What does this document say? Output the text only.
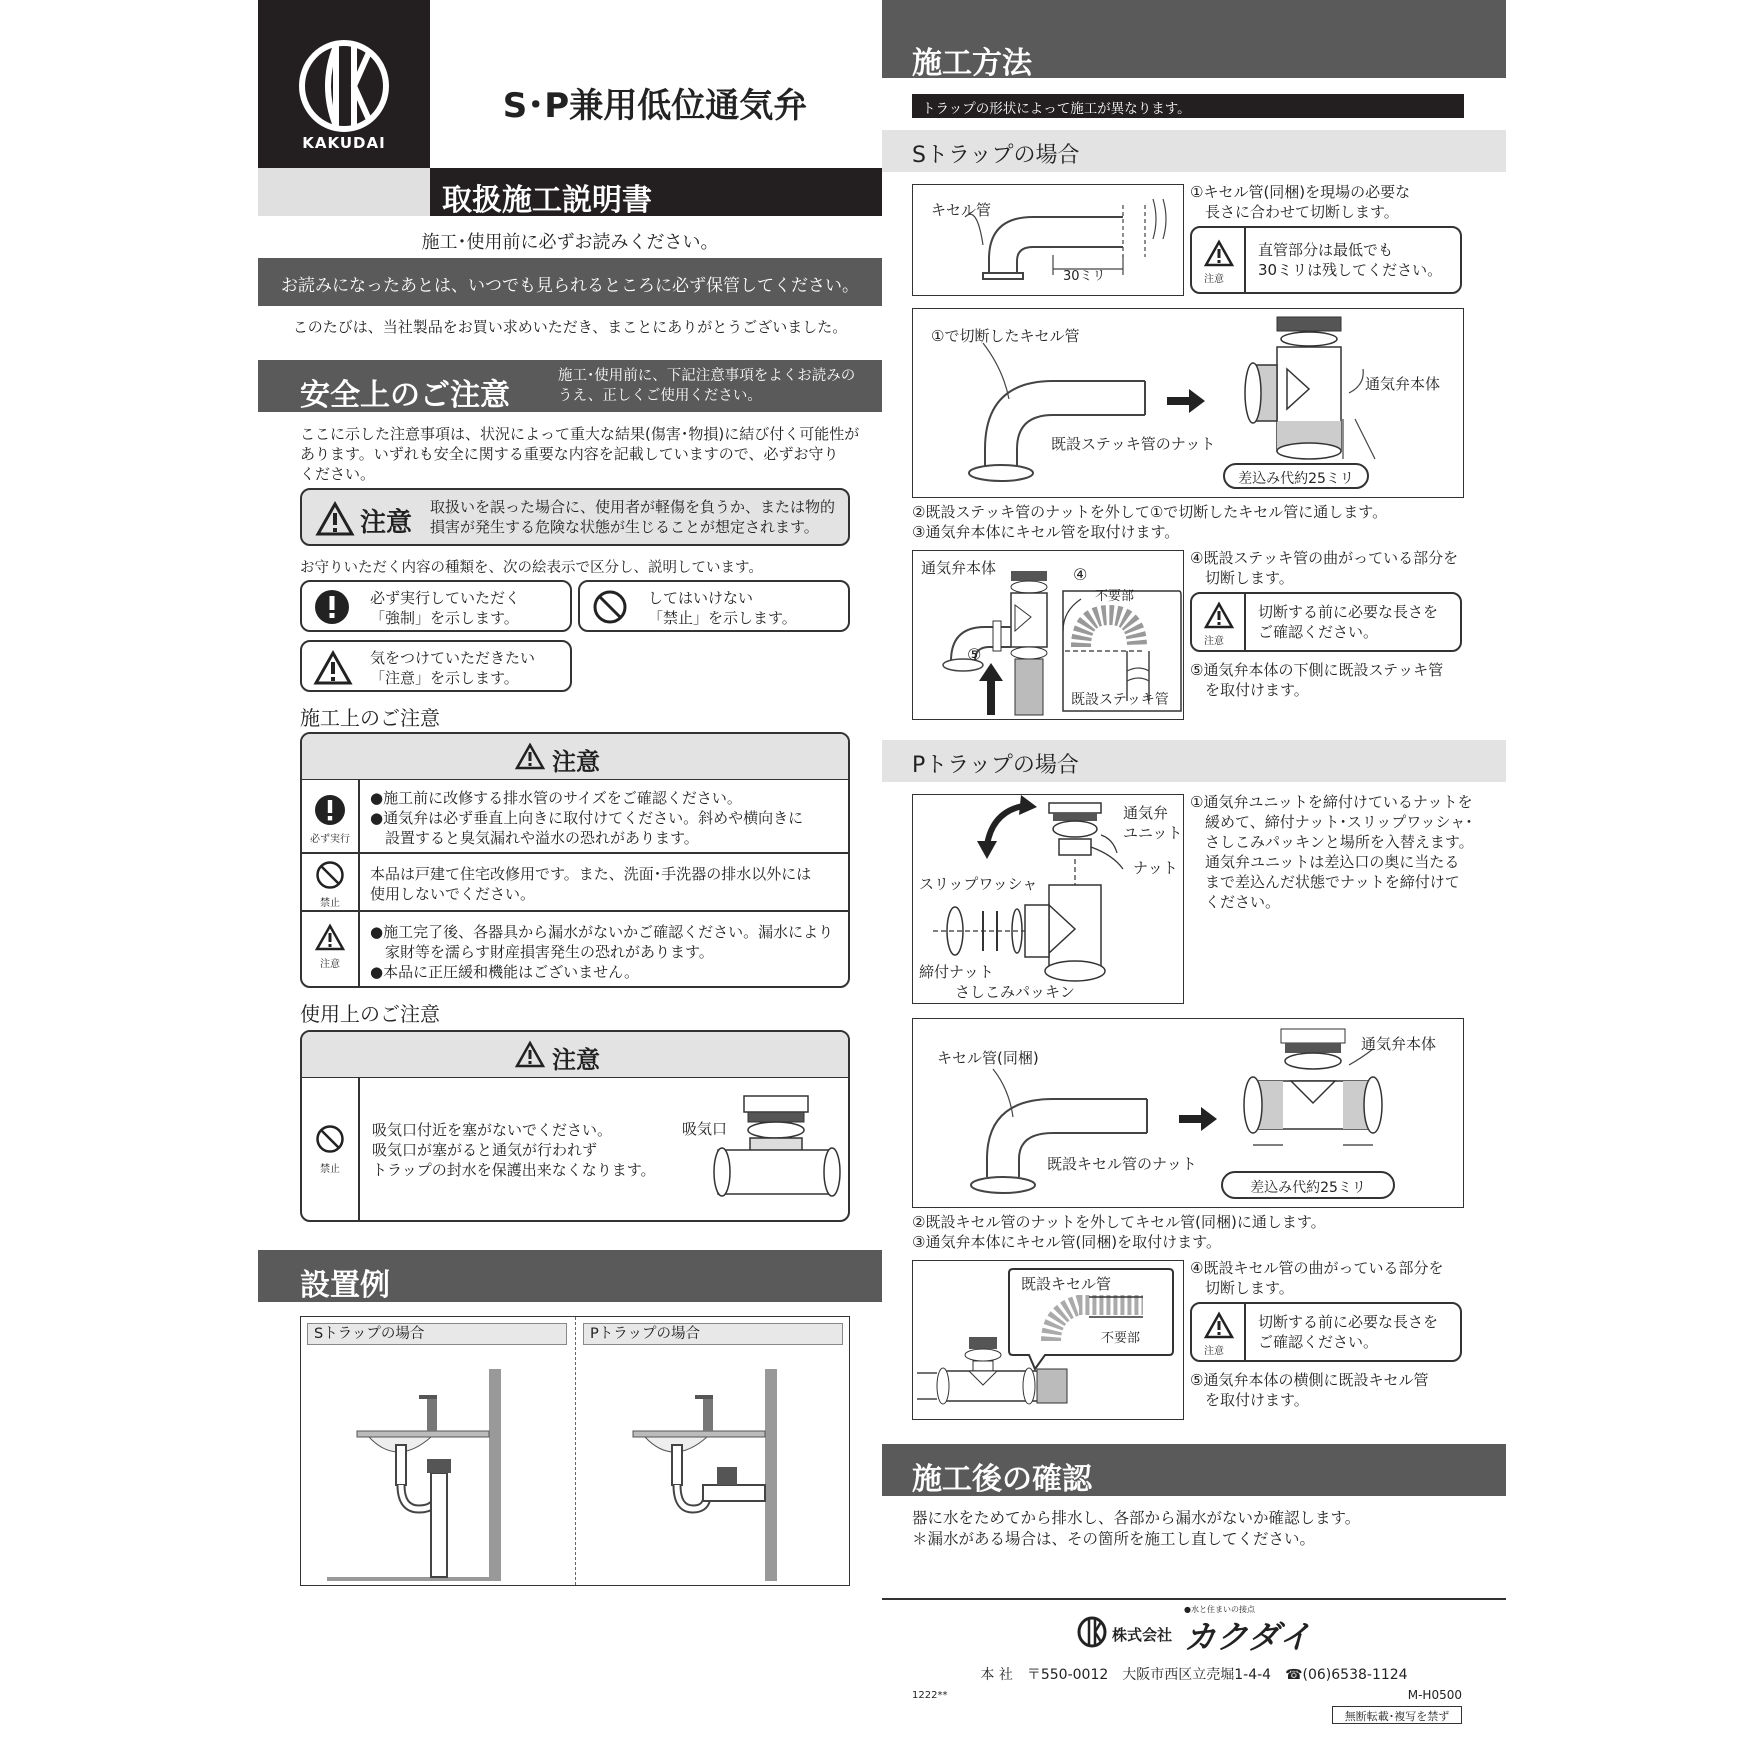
KAKUDAI
S･P兼用低位通気弁
取扱施工説明書
施工･使用前に必ずお読みください。
お読みになったあとは、いつでも見られるところに必ず保管してください。
このたびは、当社製品をお買い求めいただき、まことにありがとうございました。
安全上のご注意
施工･使用前に、下記注意事項をよくお読みの
うえ、正しくご使用ください。
ここに示した注意事項は、状況によって重大な結果(傷害･物損)に結び付く可能性が
あります。いずれも安全に関する重要な内容を記載していますので、必ずお守り
ください。
注意
取扱いを誤った場合に、使用者が軽傷を負うか、または物的
損害が発生する危険な状態が生じることが想定されます。
お守りいただく内容の種類を、次の絵表示で区分し、説明しています。
必ず実行していただく
「強制」を示します。
してはいけない
「禁止」を示します。
気をつけていただきたい
「注意」を示します。
施工上のご注意
注意
必ず実行
●施工前に改修する排水管のサイズをご確認ください。
●通気弁は必ず垂直上向きに取付けてください。斜めや横向きに
　設置すると臭気漏れや溢水の恐れがあります。
禁止
本品は戸建て住宅改修用です。また、洗面･手洗器の排水以外には
使用しないでください。
注意
●施工完了後、各器具から漏水がないかご確認ください。漏水により
　家財等を濡らす財産損害発生の恐れがあります。
●本品に正圧緩和機能はございません。
使用上のご注意
注意
禁止
吸気口付近を塞がないでください。
吸気口が塞がると通気が行われず
トラップの封水を保護出来なくなります。
吸気口
設置例
Sトラップの場合	Pトラップの場合
施工方法
トラップの形状によって施工が異なります。
Sトラップの場合
キセル管
30ミリ
①キセル管(同梱)を現場の必要な
　長さに合わせて切断します。
注意
直管部分は最低でも
30ミリは残してください。
①で切断したキセル管
通気弁本体
既設ステッキ管のナット
差込み代約25ミリ
②既設ステッキ管のナットを外して①で切断したキセル管に通します。
③通気弁本体にキセル管を取付けます。
通気弁本体	④
不要部
⑤
既設ステッキ管
④既設ステッキ管の曲がっている部分を
　切断します。
注意
切断する前に必要な長さを
ご確認ください。
⑤通気弁本体の下側に既設ステッキ管
　を取付けます。
Pトラップの場合
通気弁
ユニット
ナット
スリップワッシャ
締付ナット
さしこみパッキン
①通気弁ユニットを締付けているナットを
　緩めて、締付ナット･スリップワッシャ･
　さしこみパッキンと場所を入替えます。
　通気弁ユニットは差込口の奥に当たる
　まで差込んだ状態でナットを締付けて
　ください。
キセル管(同梱)
通気弁本体
既設キセル管のナット
差込み代約25ミリ
②既設キセル管のナットを外してキセル管(同梱)に通します。
③通気弁本体にキセル管(同梱)を取付けます。
既設キセル管
不要部
④既設キセル管の曲がっている部分を
　切断します。
注意
切断する前に必要な長さを
ご確認ください。
⑤通気弁本体の横側に既設キセル管
　を取付けます。
施工後の確認
器に水をためてから排水し、各部から漏水がないか確認します。
＊漏水がある場合は、その箇所を施工し直してください。
●水と住まいの接点
株式会社 カクダイ
本 社　〒550-0012　大阪市西区立売堀1-4-4　☎(06)6538-1124
1222**	M-H0500
無断転載･複写を禁ず
